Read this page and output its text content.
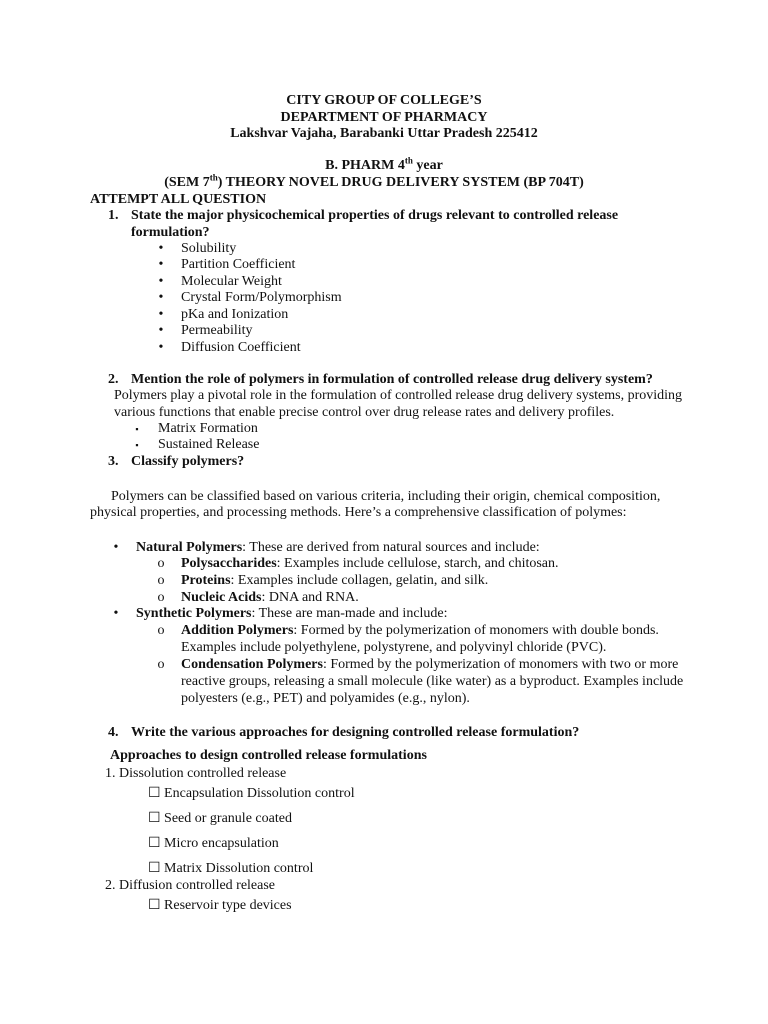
CITY GROUP OF COLLEGE’S
DEPARTMENT OF PHARMACY
Lakshvar Vajaha, Barabanki Uttar Pradesh 225412
B. PHARM 4th year
(SEM 7th) THEORY NOVEL DRUG DELIVERY SYSTEM (BP 704T)
ATTEMPT ALL QUESTION
1. State the major physicochemical properties of drugs relevant to controlled release
formulation?
• Solubility
• Partition Coefficient
• Molecular Weight
• Crystal Form/Polymorphism
• pKa and Ionization
• Permeability
• Diffusion Coefficient
2. Mention the role of polymers in formulation of controlled release drug delivery system?
Polymers play a pivotal role in the formulation of controlled release drug delivery systems, providing
various functions that enable precise control over drug release rates and delivery profiles.
▪ Matrix Formation
▪ Sustained Release
3. Classify polymers?
Polymers can be classified based on various criteria, including their origin, chemical composition,
physical properties, and processing methods. Here’s a comprehensive classification of polymes:
• Natural Polymers: These are derived from natural sources and include:
o Polysaccharides: Examples include cellulose, starch, and chitosan.
o Proteins: Examples include collagen, gelatin, and silk.
o Nucleic Acids: DNA and RNA.
• Synthetic Polymers: These are man-made and include:
o Addition Polymers: Formed by the polymerization of monomers with double bonds.
Examples include polyethylene, polystyrene, and polyvinyl chloride (PVC).
o Condensation Polymers: Formed by the polymerization of monomers with two or more
reactive groups, releasing a small molecule (like water) as a byproduct. Examples include
polyesters (e.g., PET) and polyamides (e.g., nylon).
4. Write the various approaches for designing controlled release formulation?
Approaches to design controlled release formulations
1. Dissolution controlled release
☐ Encapsulation Dissolution control
☐ Seed or granule coated
☐ Micro encapsulation
☐ Matrix Dissolution control
2. Diffusion controlled release
☐ Reservoir type devices
